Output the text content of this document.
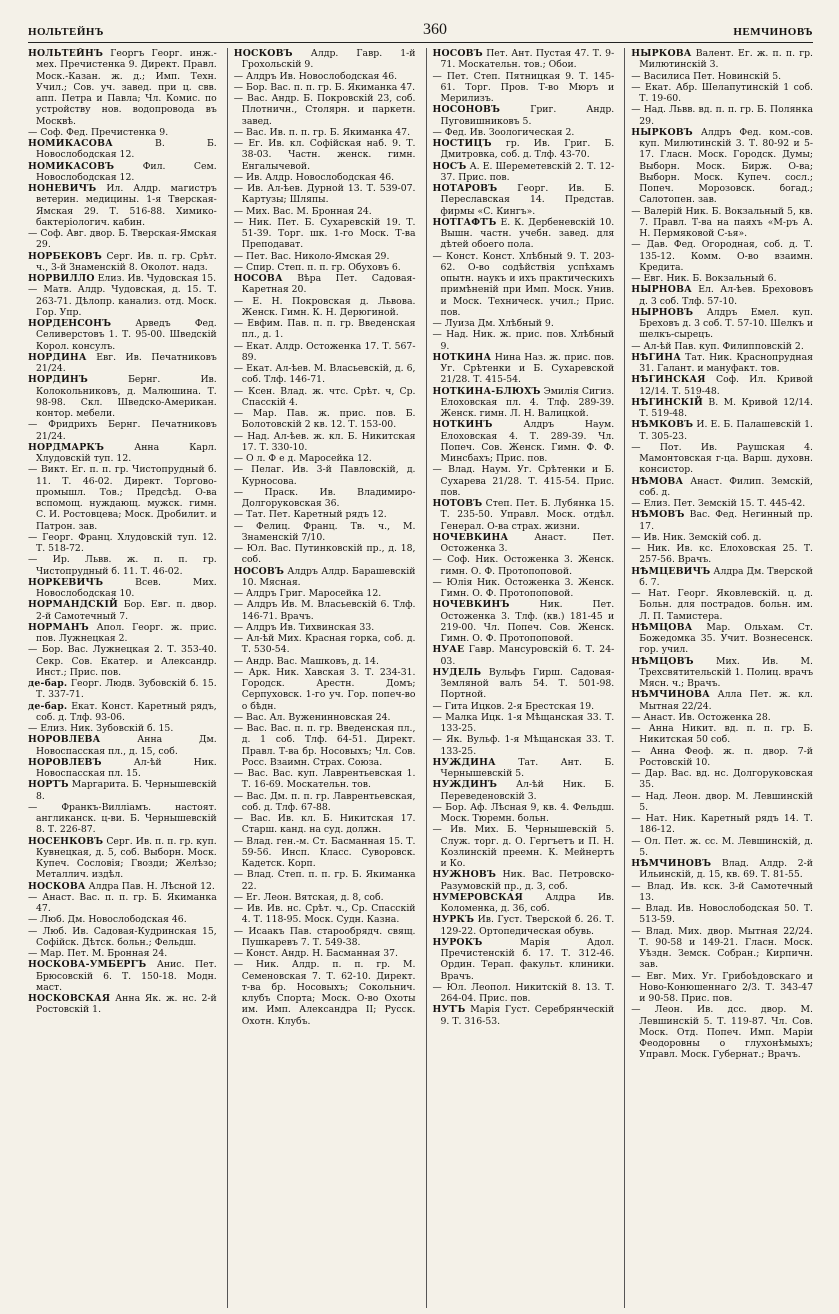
НОЛЬТЕЙНЪ	360	НЕМЧИНОВЪ

НОЛЬТЕЙНЪ Георгъ Георг. инж.-мех. Пречистенка 9. Директ. Правл. Моск.-Казан. ж. д.; Имп. Техн. Учил.; Сов. уч. завед. при ц. свв. апп. Петра и Павла; Чл. Комис. по устройству нов. водопровода въ Москвѣ.

— Соф. Фед. Пречистенка 9.

НОМИКАСОВА	В. Б. Новослободская 12.

НОМИКАСОВЪ	Фил. Сем. Новослободская 12.

НОНЕВИЧЪ Ил. Алдр. магистръ ветерин. медицины. 1-я Тверская-Ямская 29. Т. 516-88. Химико-бактеріологич. кабин.

— Соф. Авг. двор. Б. Тверская-Ямская 29.

НОРБЕКОВЪ Серг. Ив. п. гр. Срѣт. ч., 3-й Знаменскій 8. Околот. надз.

НОРВИЛЛО Елиз. Ив. Чудовская 15.

— Матв. Алдр. Чудовская, д. 15. Т. 263-71. Дѣлопр. канализ. отд. Моск. Гор. Упр.

НОРДЕНСОНЪ	Арведъ Фед. Селиверстовъ 1. Т. 95-00. Шведскій Корол. консулъ.

НОРДИНА Евг. Ив. Печатниковъ 21/24.

НОРДИНЪ	Бернг. Ив. Колокольниковъ, д. Малюшина. Т. 98-98. Скл. Шведско-Американ. контор. мебели.

— Фридрихъ Бернг. Печатниковъ 21/24.

НОРДМАРКЪ	Анна Карл. Хлудовскій туп. 12.

— Викт. Ег. п. п. гр. Чистопрудный б. 11. Т. 46-02. Директ. Торгово-промышл. Тов.; Предсѣд. О-ва вспомощ. нуждающ. мужск. гимн. С. И. Ростовцева; Моск. Дробилит. и Патрон. зав.

— Георг. Франц. Хлудовскій туп. 12. Т. 518-72.

— Ир. Львв. ж. п. п. гр. Чистопрудный б. 11. Т. 46-02.

НОРКЕВИЧЪ	Всев. Мих. Новослободская 10.

НОРМАНДСКІЙ Бор. Евг. п. двор. 2-й Самотечный 7.

НОРМАНЪ Апол. Георг. ж. прис. пов. Лужнецкая 2.

— Бор. Вас. Лужнецкая 2. Т. 353-40. Секр. Сов. Екатер. и Александр. Инст.; Прис. пов.

де-бар. Георг. Людв. Зубовскій б. 15. Т. 337-71.

де-бар. Екат. Конст. Каретный рядъ, соб. д. Тлф. 93-06.

— Елиз. Ник. Зубовскій б. 15.

НОРОВЛЕВА	Анна Дм. Новоспасская пл., д. 15, соб.

НОРОВЛЕВЪ	Ал-ѣй Ник. Новоспасская пл. 15.

НОРТЪ Маргарита. Б. Чернышевскій 8.

— Франкъ-Вилліамъ. настоят. англиканск. ц-ви. Б. Чернышевскій 8. Т. 226-87.

НОСЕНКОВЪ Серг. Ив. п. п. гр. куп. Кувнецкая, д. 5, соб. Выборн. Моск. Купеч. Сословія; Гвозди; Желѣзо; Металлич. издѣл.

НОСКОВА Алдра Пав. Н. Лѣсной 12.

— Анаст. Вас. п. п. гр. Б. Якиманка 47.

— Люб. Дм. Новослободская 46.

— Люб. Ив. Садовая-Кудринская 15, Софійск. Дѣтск. больн.; Фельдш.

— Мар. Пет. М. Бронная 24.

НОСКОВА-УМБЕРГЪ Анис. Пет. Брюсовскій 6. Т. 150-18. Модн. маст.

НОСКОВСКАЯ Анна Як. ж. нс. 2-й Ростовскій 1.

НОСКОВЪ Алдр. Гавр. 1-й Грохольскій 9.

— Алдръ Ив. Новослободская 46.

— Бор. Вас. п. п. гр. Б. Якиманка 47.

— Вас. Андр. Б. Покровскій 23, соб. Плотничн., Столярн. и паркетн. завед.

— Вас. Ив. п. п. гр. Б. Якиманка 47.

— Ег. Ив. кл. Софійская наб. 9. Т. 38-03. Частн. женск. гимн. Енгалычевой.

— Ив. Алдр. Новослободская 46.

— Ив. Ал-ѣев. Дурной 13. Т. 539-07. Картузы; Шляпы.

— Мих. Вас. М. Бронная 24.

— Ник. Пет. Б. Сухаревскій 19. Т. 51-39. Торг. шк. 1-го Моск. Т-ва Преподават.

— Пет. Вас. Николо-Ямская 29.

— Спир. Степ. п. п. гр. Обуховъ 6.

НОСОВА Вѣра Пет. Садовая-Каретная 20.

— Е. Н. Покровская д. Львова. Женск. Гимн. К. Н. Дерюгиной.

— Евфим. Пав. п. п. гр. Введенская пл., д. 1.

— Екат. Алдр. Остоженка 17. Т. 567-89.

— Екат. Ал-ѣев. М. Власьевскій, д. 6, соб. Тлф. 146-71.

— Ксен. Влад. ж. чтс. Срѣт. ч, Ср. Спасскій 4.

— Мар. Пав. ж. прис. пов. Б. Болотовскій 2 кв. 12. Т. 153-00.

— Над. Ал-ѣев. ж. кл. Б. Никитская 17. Т. 330-10.

— О л. Ф е д. Маросейка 12.

— Пелаг. Ив. 3-й Павловскій, д. Курносова.

— Праск. Ив. Владимиро-Долгоруковская 36.

— Тат. Пет. Каретный рядъ 12.

— Фелиц. Франц. Тв. ч., М. Знаменскій 7/10.

— Юл. Вас. Путинковскій пр., д. 18, соб.

НОСОВЪ Алдръ Алдр. Барашевскій 10. Мясная.

— Алдръ Григ. Маросейка 12.

— Алдръ Ив. М. Власьевскій 6. Тлф. 146-71. Врачъ.

— Алдръ Ив. Тихвинская 33.

— Ал-ѣй Мих. Красная горка, соб. д. Т. 530-54.

— Андр. Вас. Машковъ, д. 14.

— Арк. Ник. Хавская 3. Т. 234-31. Городск. Арестн. Домъ; Серпуховск. 1-го уч. Гор. попеч-во о бѣдн.

— Вас. Ал. Вуженинновская 24.

— Вас. Вас. п. п. гр. Введенская пл., д. 1 соб. Тлф. 64-51. Директ. Правл. Т-ва бр. Носовыхъ; Чл. Сов. Росс. Взаимн. Страх. Союза.

— Вас. Вас. куп. Лаврентьевская 1. Т. 16-69. Москательн. тов.

— Вас. Дм. п. п. гр. Лаврентьевская, соб. д. Тлф. 67-88.

— Вас. Ив. кл. Б. Никитская 17. Старш. канд. на суд. должн.

— Влад. ген.-м. Ст. Басманная 15. Т. 59-56. Инсп. Класс. Суворовск. Кадетск. Корп.

— Влад. Степ. п. п. гр. Б. Якиманка 22.

— Ег. Леон. Вятская, д. 8, соб.

— Ив. Ив. нс. Срѣт. ч., Ср. Спасскій 4. Т. 118-95. Моск. Судн. Казна.

— Исаакъ Пав. старообрядч. свящ. Пушкаревъ 7. Т. 549-38.

— Конст. Андр. Н. Басманная 37.

— Ник. Алдр. п. п. гр. М. Семеновская 7. Т. 62-10. Директ. т-ва бр. Носовыхъ; Сокольнич. клубъ Спорта; Моск. О-во Охоты им. Имп. Александра II; Русск. Охотн. Клубъ.

НОСОВЪ Пет. Ант. Пустая 47. Т. 9-71. Москательн. тов.; Обои.

— Пет. Степ. Пятницкая 9. Т. 145-61. Торг. Пров. Т-во Мюръ и Мерилизъ.

НОСОНОВЪ	Григ. Андр. Пуговишниковъ 5.

— Фед. Ив. Зоологическая 2.

НОСТИЦЪ гр. Ив. Григ. Б. Дмитровка, соб. д. Тлф. 43-70.

НОСЪ А. Е. Шереметевскій 2. Т. 12-37. Прис. пов.

НОТАРОВЪ Георг. Ив. Б. Переславская 14. Представ. фирмы «С. Кингъ».

НОТГАФТЪ Е. К. Дербеневскій 10. Вышн. частн. учебн. завед. для дѣтей обоего пола.

— Конст. Конст. Хлѣбный 9. Т. 203-62. О-во содѣйствія успѣхамъ опытн. наукъ и ихъ практическихъ примѣненій при Имп. Моск. Унив. и Моск. Техническ. учил.; Прис. пов.

— Луиза Дм. Хлѣбный 9.

— Над. Ник. ж. прис. пов. Хлѣбный 9.

НОТКИНА Нина Наз. ж. прис. пов. Уг. Срѣтенки и Б. Сухаревской 21/28. Т. 415-54.

НОТКИНА-БЛЮХЪ Эмилія Сигиз. Елоховская пл. 4. Тлф. 289-39. Женск. гимн. Л. Н. Валицкой.

НОТКИНЪ	Алдръ Наум. Елоховская 4. Т. 289-39. Чл. Попеч. Сов. Женск. Гимн. Ф. Ф. Минсбахъ; Прис. пов.

— Влад. Наум. Уг. Срѣтенки и Б. Сухарева 21/28. Т. 415-54. Прис. пов.

НОТОВЪ Степ. Пет. Б. Лубянка 15. Т. 235-50. Управл. Моск. отдѣл. Генерал. О-ва страх. жизни.

НОЧЕВКИНА	Анаст. Пет. Остоженка 3.

— Соф. Ник. Остоженка 3. Женск. гимн. О. Ф. Протопоповой.

— Юлія Ник. Остоженка 3. Женск. Гимн. О. Ф. Протопоповой.

НОЧЕВКИНЪ	Ник. Пет. Остоженка 3. Тлф. (кв.) 181-45 и 219-00. Чл. Попеч. Сов. Женск. Гимн. О. Ф. Протопоповой.

НУАЕ Гавр. Мансуровскій 6. Т. 24-03.

НУДЕЛЬ Вульфъ Гирш. Садовая-Земляной валъ 54. Т. 501-98. Портной.

— Гита Ицков. 2-я Брестская 19.

— Малка Ицк. 1-я Мѣщанская 33. Т. 133-25.

— Як. Вульф. 1-я Мѣщанская 33. Т. 133-25.

НУЖДИНА Тат. Ант. Б. Чернышевскій 5.

НУЖДИНЪ Ал-ѣй Ник. Б. Переведеновскій 3.

— Бор. Аф. Лѣсная 9, кв. 4. Фельдш. Моск. Тюремн. больн.

— Ив. Мих. Б. Чернышевскій 5. Служ. торг. д. О. Гергъетъ и П. Н. Козлинскій преемн. К. Мейнертъ и Ко.

НУЖНОВЪ Ник. Вас. Петровско-Разумовскій пр., д. 3, соб.

НУМЕРОВСКАЯ Алдра Ив. Коломенка, д. 36, соб.

НУРКЪ Ив. Густ. Тверской б. 26. Т. 129-22. Ортопедическая обувь.

НУРОКЪ	Марія Адол. Пречистенскій б. 17. Т. 312-46. Ордин. Терап. факульт. клиники. Врачъ.

— Юл. Леопол. Никитскій 8. 13. Т. 264-04. Прис. пов.

НУТЪ Марія Густ. Серебрянческій 9. Т. 316-53.

НЫРКОВА Валент. Ег. ж. п. п. гр. Милютинскій 3.

— Василиса Пет. Новинскій 5.

— Екат. Абр. Шелапутинскій 1 соб. Т. 19-60.

— Над. Львв. вд. п. п. гр. Б. Полянка 29.

НЫРКОВЪ Алдръ Фед. ком.-сов. куп. Милютинскій 3. Т. 80-92 и 5-17. Гласн. Моск. Городск. Думы; Выборн. Моск. Бирж. О-ва; Выборн. Моск. Купеч. сосл.; Попеч. Морозовск. богад.; Салотопен. зав.

— Валерій Ник. Б. Вокзальный 5, кв. 7. Правл. Т-ва на паяхъ «М-ръ А. Н. Пермяковой С-ья».

— Дав. Фед. Огородная, соб. д. Т. 135-12. Комм. О-во взаимн. Кредита.

— Евг. Ник. Б. Вокзальный 6.

НЫРНОВА Ел. Ал-ѣев. Брехововъ д. 3 соб. Тлф. 57-10.

НЫРНОВЪ Алдръ Емел. куп. Бреховъ д. 3 соб. Т. 57-10. Шелкъ и шелкъ-сырецъ.

— Ал-ѣй Пав. куп. Филипповскій 2.

НѢГИНА Тат. Ник. Краснопрудная 31. Галант. и мануфакт. тов.

НѢГИНСКАЯ Соф. Ил. Кривой 12/14. Т. 519-48.

НѢГИНСКІЙ В. М. Кривой 12/14. Т. 519-48.

НѢМКОВЪ И. Е. Б. Палашевскій 1. Т. 305-23.

— Пот. Ив. Раушская 4. Мамонтовская г-ца. Варш. духовн. консистор.

НѢМОВА Анаст. Филип. Земскій, соб. д.

— Елиз. Пет. Земскій 15. Т. 445-42.

НѢМОВЪ Вас. Фед. Негинный пр. 17.

— Ив. Ник. Земскій соб. д.

— Ник. Ив. кс. Елоховская 25. Т. 257-56. Врачъ.

НѢМЦЕВИЧЪ Алдра Дм. Тверской б. 7.

— Нат. Георг. Яковлевскій. ц. д. Больн. для пострадов. больн. им. Л. П. Тамистера.

НѢМЦОВА Мар. Ольхам. Ст. Божедомка 35. Учит. Вознесенск. гор. учил.

НѢМЦОВЪ Мих. Ив. М. Трехсвятительскій 1. Полиц. врачъ Мясн. ч.; Врачъ.

НѢМЧИНОВА Алла Пет. ж. кл. Мытная 22/24.

— Анаст. Ив. Остоженка 28.

— Анна Никит. вд. п. п. гр. Б. Никитская 50 соб.

— Анна Феоф. ж. п. двор. 7-й Ростовскій 10.

— Дар. Вас. вд. нс. Долгоруковская 35.

— Над. Леон. двор. М. Левшинскій 5.

— Нат. Ник. Каретный рядъ 14. Т. 186-12.

— Ол. Пет. ж. сс. М. Левшинскій, д. 5.

НѢМЧИНОВЪ Влад. Алдр. 2-й Ильинскій, д. 15, кв. 69. Т. 81-55.

— Влад. Ив. кск. 3-й Самотечный 13.

— Влад. Ив. Новослободская 50. Т. 513-59.

— Влад. Мих. двор. Мытная 22/24. Т. 90-58 и 149-21. Гласн. Моск. Уѣздн. Земск. Собран.; Кирпичн. зав.

— Евг. Мих. Уг. Грибоѣдовскаго и Ново-Конюшеннаго 2/3. Т. 343-47 и 90-58. Прис. пов.

— Леон. Ив. дсс. двор. М. Левшинскій 5. Т. 119-87. Чл. Сов. Моск. Отд. Попеч. Имп. Маріи Феодоровны о глухонѣмыхъ; Управл. Моск. Губернат.; Врачъ.
